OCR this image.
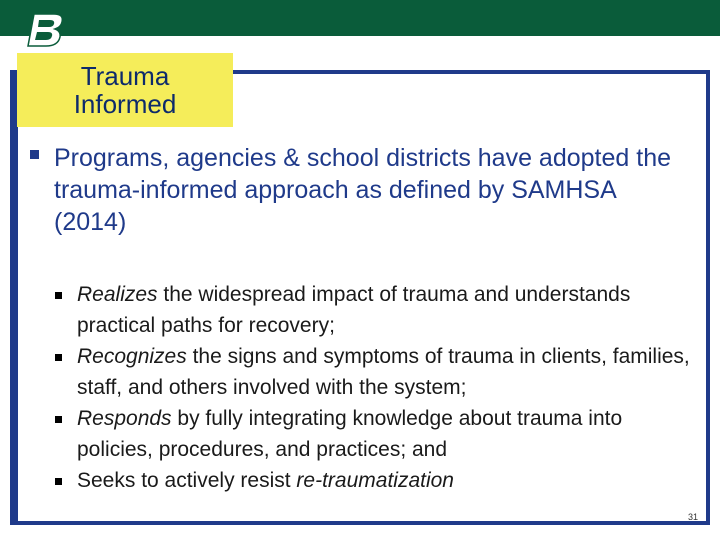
Trauma Informed
Programs, agencies & school districts have adopted the trauma-informed approach as defined by SAMHSA (2014)
Realizes the widespread impact of trauma and understands practical paths for recovery;
Recognizes the signs and symptoms of trauma in clients, families, staff, and others involved with the system;
Responds by fully integrating knowledge about trauma into policies, procedures, and practices; and
Seeks to actively resist re-traumatization
31
